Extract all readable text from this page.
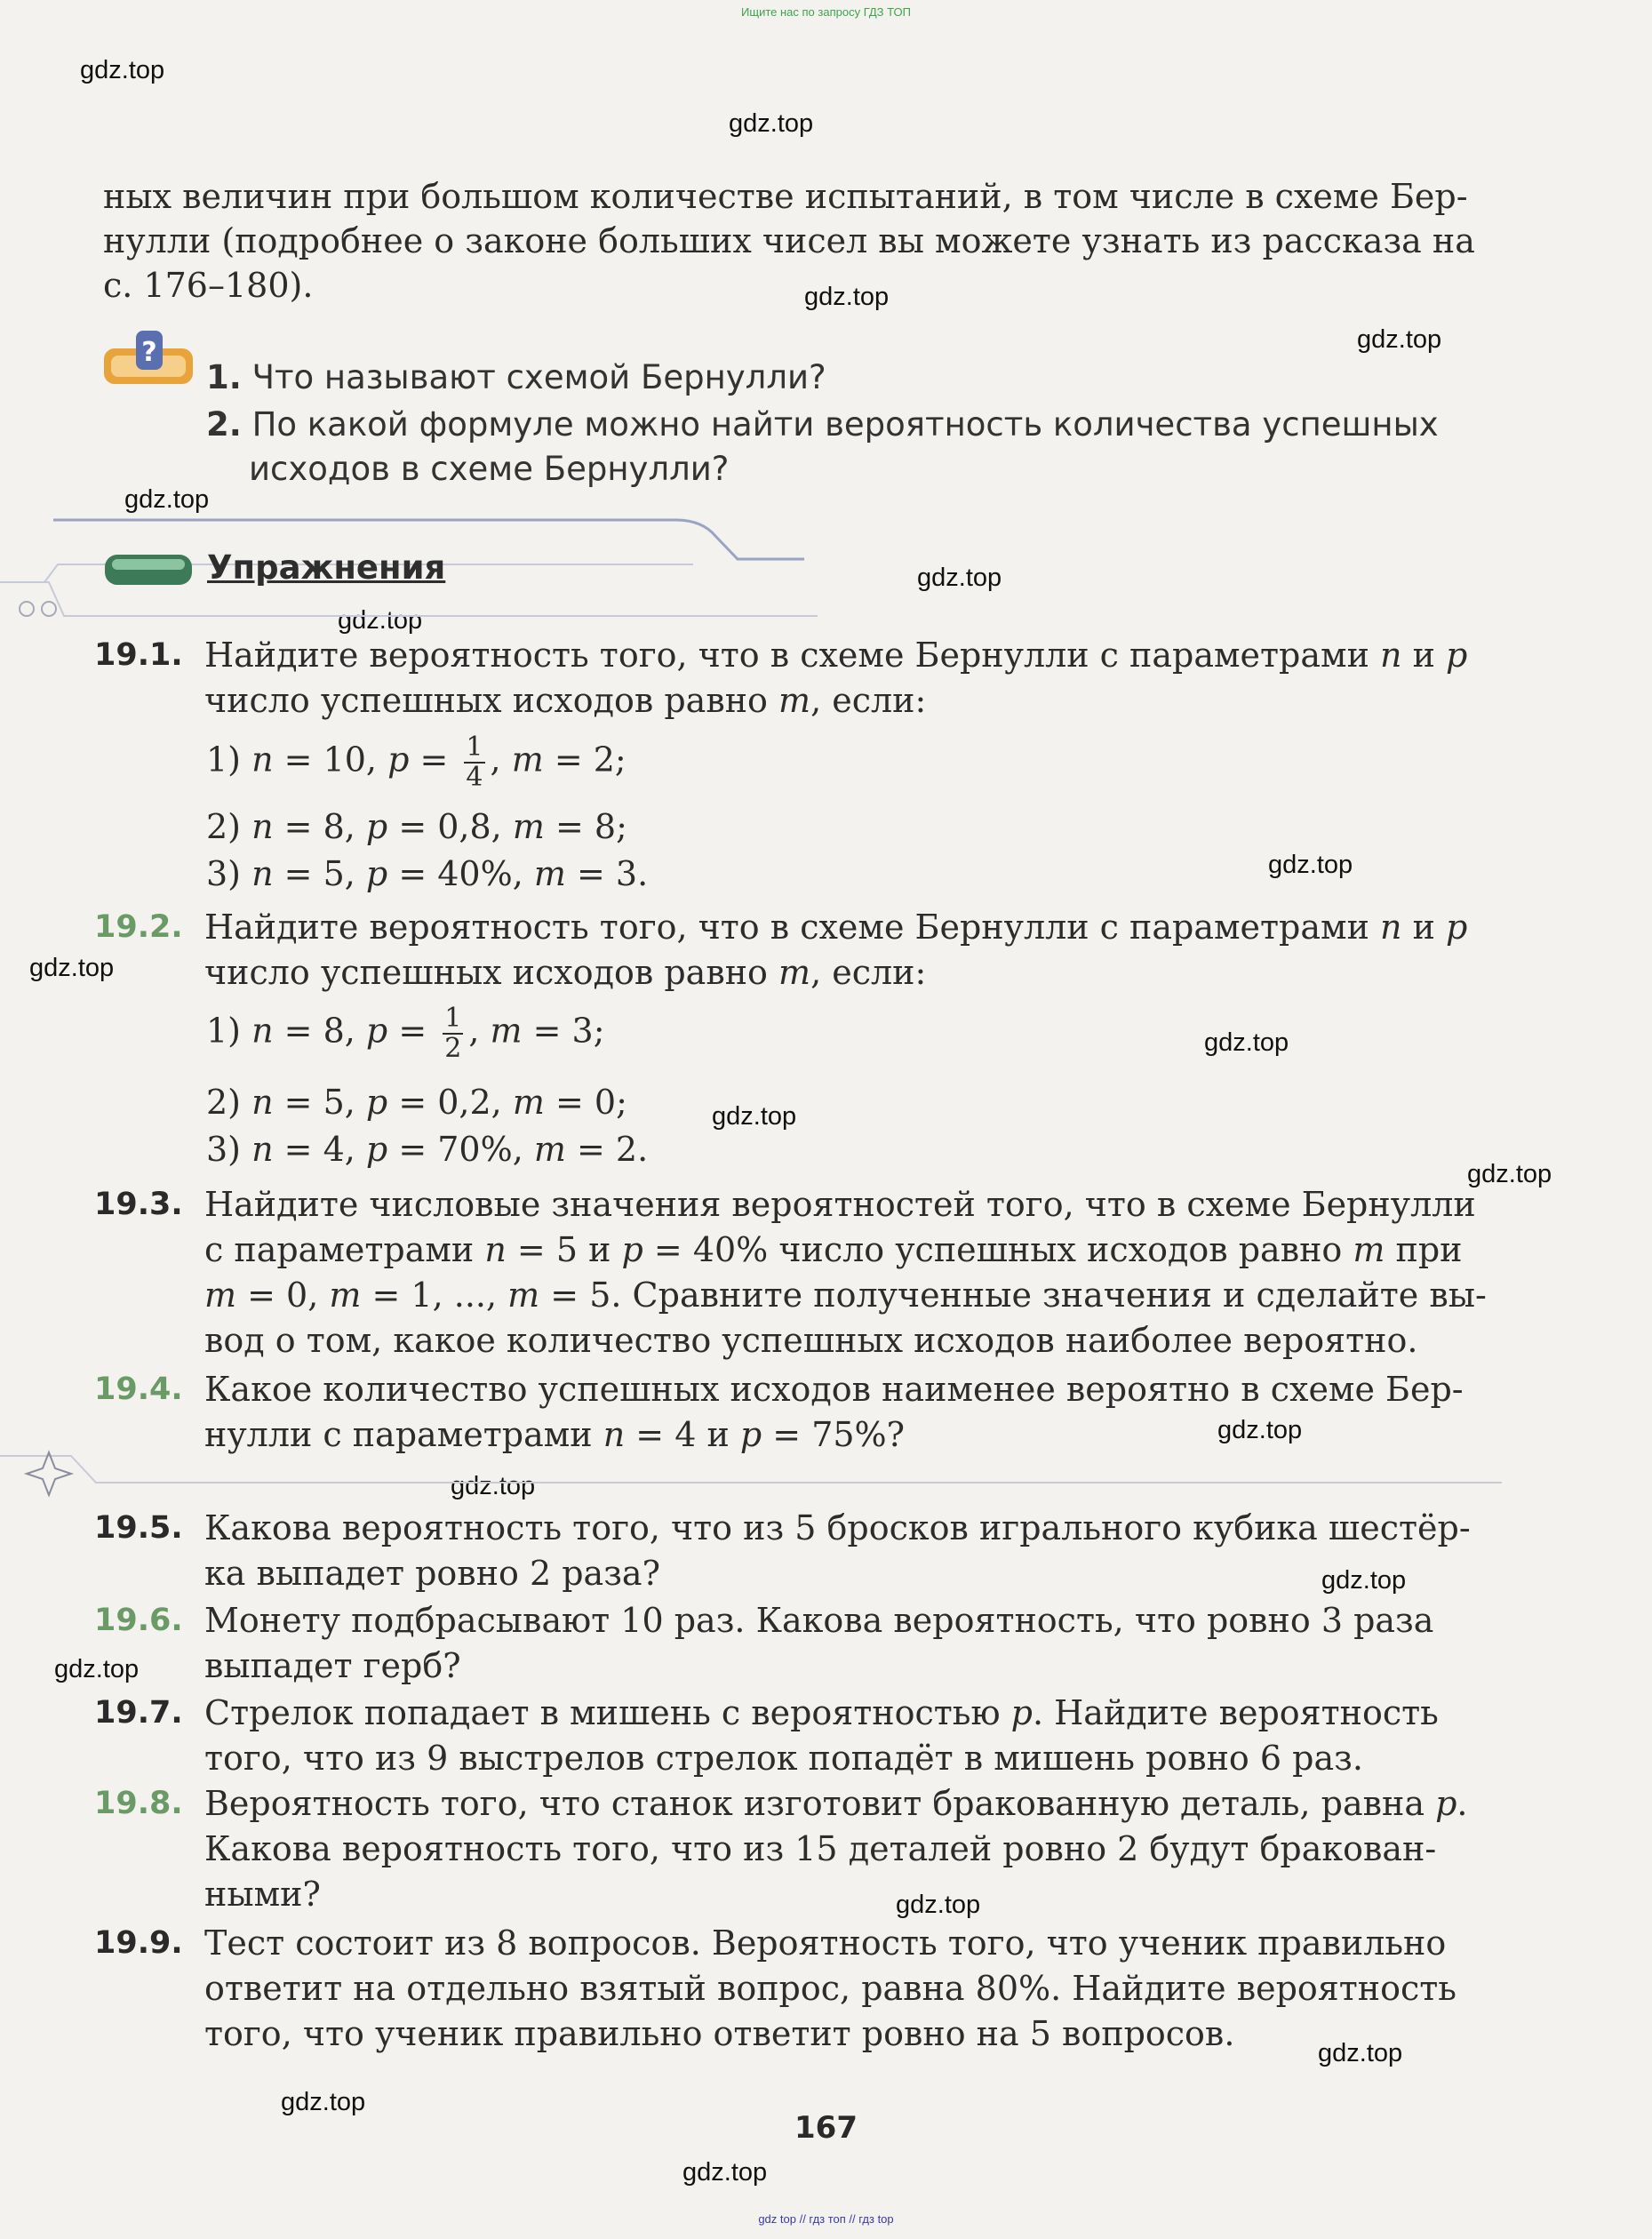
Ищите нас по запросу ГДЗ ТОП
gdz.top
gdz.top
gdz.top
gdz.top
gdz.top
gdz.top
gdz.top
gdz.top
gdz.top
gdz.top
gdz.top
gdz.top
gdz.top
gdz.top
gdz.top
gdz.top
gdz.top
gdz.top
gdz.top
gdz.top
ных величин при большом количестве испытаний, в том числе в схеме Бер-
нулли (подробнее о законе больших чисел вы можете узнать из рассказа на
с. 176–180).
?
1. Что называют схемой Бернулли?
2. По какой формуле можно найти вероятность количества успешных
исходов в схеме Бернулли?
Упражнения
19.1. Найдите вероятность того, что в схеме Бернулли с параметрами n и p
число успешных исходов равно m, если:
1) n = 10, $p = \frac{1}{4}$ , m = 2;
2) n = 8, p = 0,8, m = 8;
3) n = 5, p = 40%, m = 3.
19.2. Найдите вероятность того, что в схеме Бернулли с параметрами n и p
число успешных исходов равно m, если:
1) n = 8, $p = \frac{1}{2}$ , m = 3;
2) n = 5, p = 0,2, m = 0;
3) n = 4, p = 70%, m = 2.
19.3. Найдите числовые значения вероятностей того, что в схеме Бернулли
с параметрами n = 5 и p = 40% число успешных исходов равно m при
m = 0, m = 1, ..., m = 5. Сравните полученные значения и сделайте вы-
вод о том, какое количество успешных исходов наиболее вероятно.
19.4. Какое количество успешных исходов наименее вероятно в схеме Бер-
нулли с параметрами n = 4 и p = 75%?
19.5. Какова вероятность того, что из 5 бросков игрального кубика шестёр-
ка выпадет ровно 2 раза?
19.6. Монету подбрасывают 10 раз. Какова вероятность, что ровно 3 раза
выпадет герб?
19.7. Стрелок попадает в мишень с вероятностью p. Найдите вероятность
того, что из 9 выстрелов стрелок попадёт в мишень ровно 6 раз.
19.8. Вероятность того, что станок изготовит бракованную деталь, равна p.
Какова вероятность того, что из 15 деталей ровно 2 будут бракован-
ными?
19.9. Тест состоит из 8 вопросов. Вероятность того, что ученик правильно
ответит на отдельно взятый вопрос, равна 80%. Найдите вероятность
того, что ученик правильно ответит ровно на 5 вопросов.
167
gdz top // гдз топ // гдз top
